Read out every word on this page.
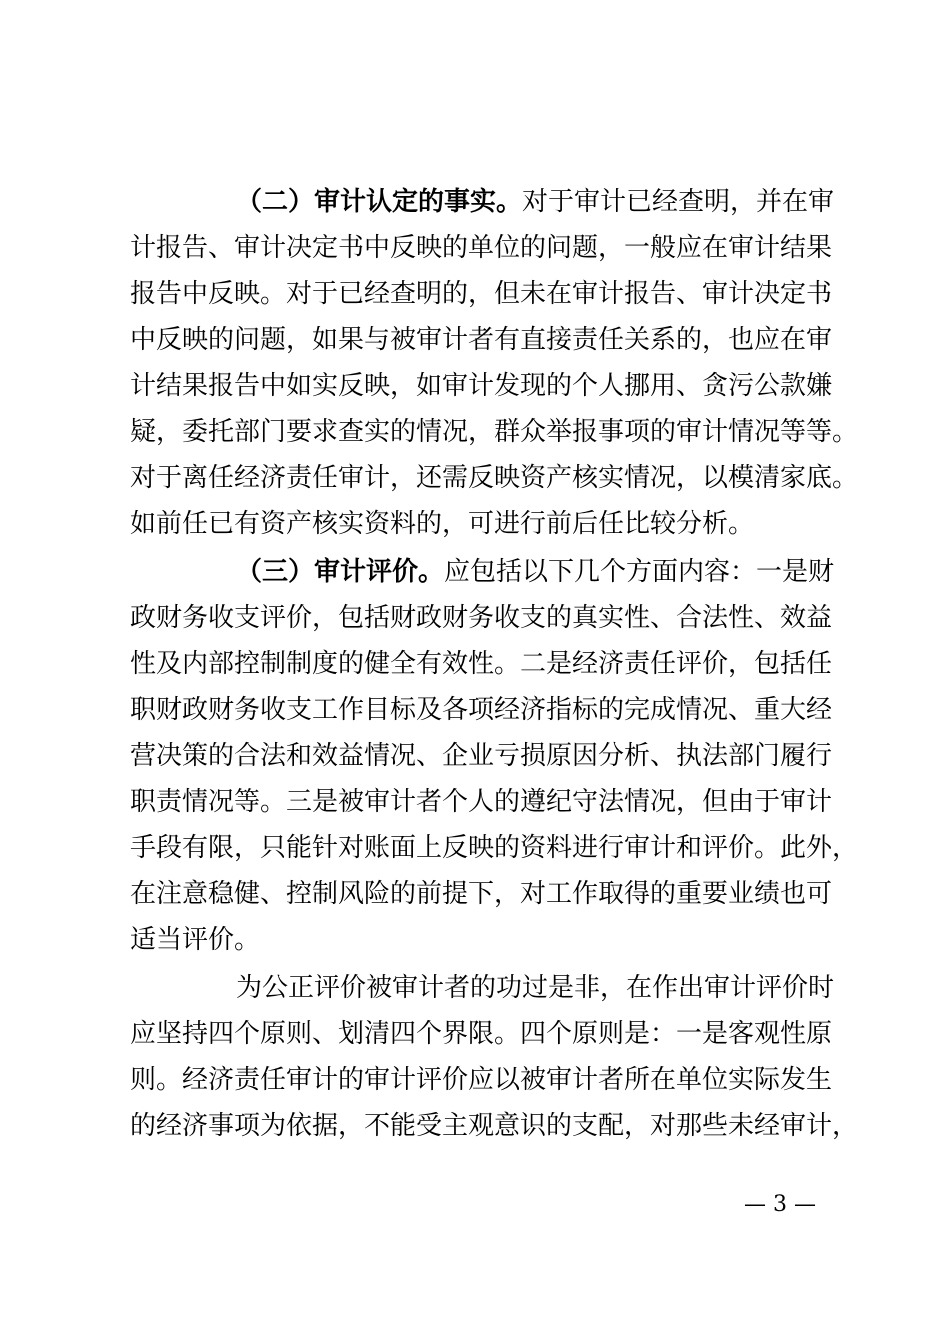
（二）审计认定的事实。对于审计已经查明，并在审
计报告、审计决定书中反映的单位的问题，一般应在审计结果
报告中反映。对于已经查明的，但未在审计报告、审计决定书
中反映的问题，如果与被审计者有直接责任关系的，也应在审
计结果报告中如实反映，如审计发现的个人挪用、贪污公款嫌
疑，委托部门要求查实的情况，群众举报事项的审计情况等等。
对于离任经济责任审计，还需反映资产核实情况，以模清家底。
如前任已有资产核实资料的，可进行前后任比较分析。
（三）审计评价。应包括以下几个方面内容：一是财
政财务收支评价，包括财政财务收支的真实性、合法性、效益
性及内部控制制度的健全有效性。二是经济责任评价，包括任
职财政财务收支工作目标及各项经济指标的完成情况、重大经
营决策的合法和效益情况、企业亏损原因分析、执法部门履行
职责情况等。三是被审计者个人的遵纪守法情况，但由于审计
手段有限，只能针对账面上反映的资料进行审计和评价。此外，
在注意稳健、控制风险的前提下，对工作取得的重要业绩也可
适当评价。
为公正评价被审计者的功过是非，在作出审计评价时
应坚持四个原则、划清四个界限。四个原则是：一是客观性原
则。经济责任审计的审计评价应以被审计者所在单位实际发生
的经济事项为依据，不能受主观意识的支配，对那些未经审计，
— 3 —
